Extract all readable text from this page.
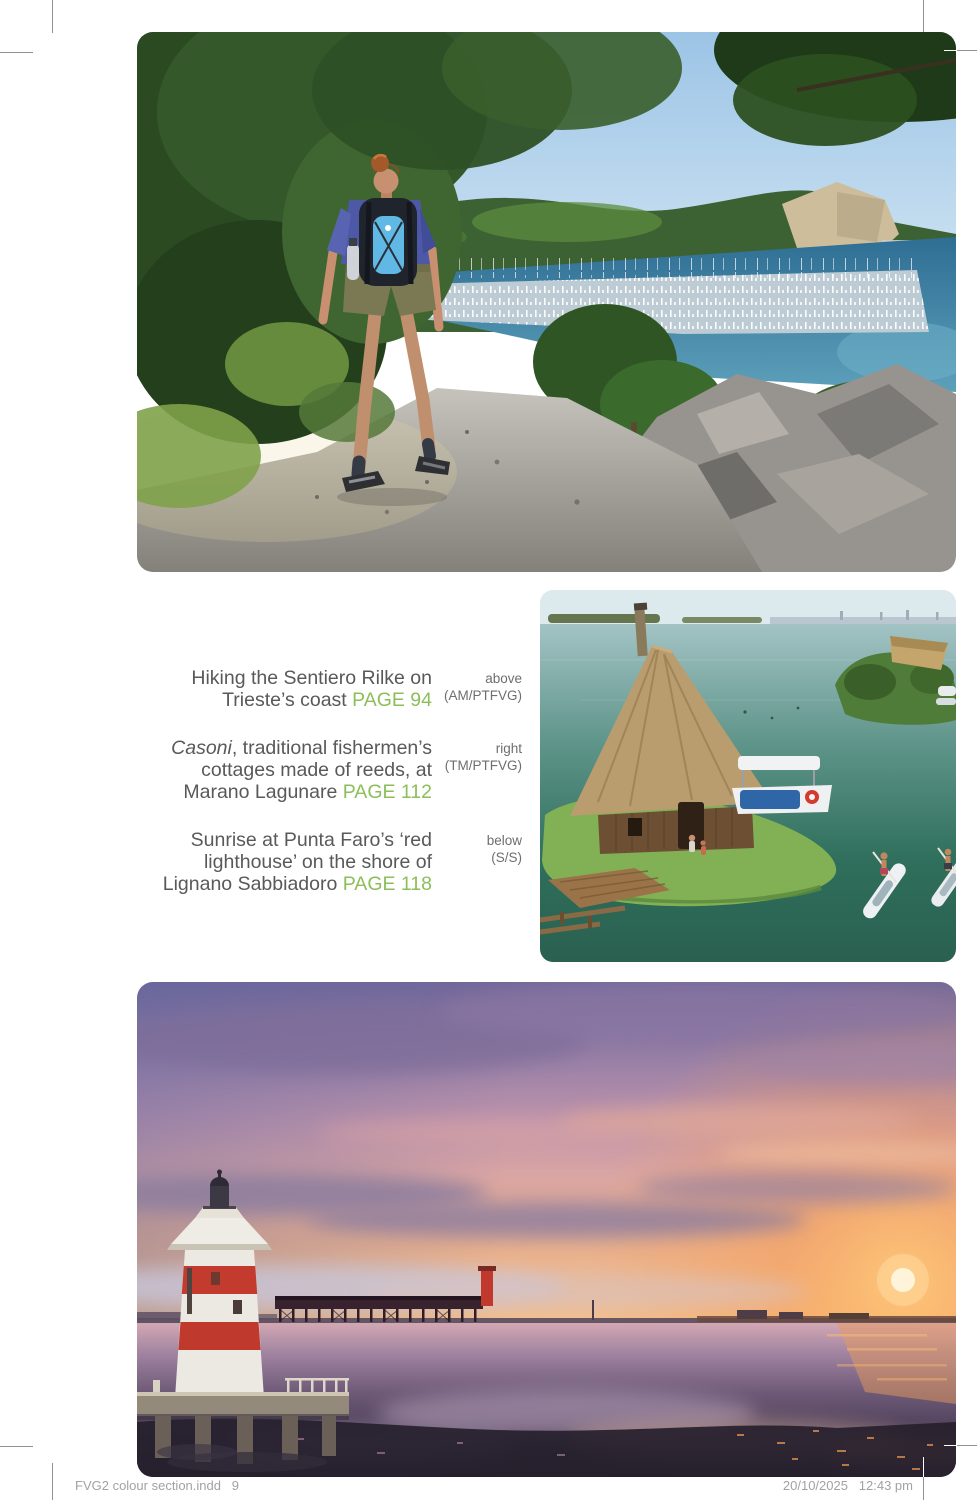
Hiking the Sentiero Rilke on
Trieste’s coast PAGE 94
above
(AM/PTFVG)
Casoni, traditional fishermen’s
cottages made of reeds, at
Marano Lagunare PAGE 112
right
(TM/PTFVG)
Sunrise at Punta Faro’s ‘red
lighthouse’ on the shore of
Lignano Sabbiadoro PAGE 118
below
(S/S)
FVG2 colour section.indd   9	20/10/2025   12:43 pm
